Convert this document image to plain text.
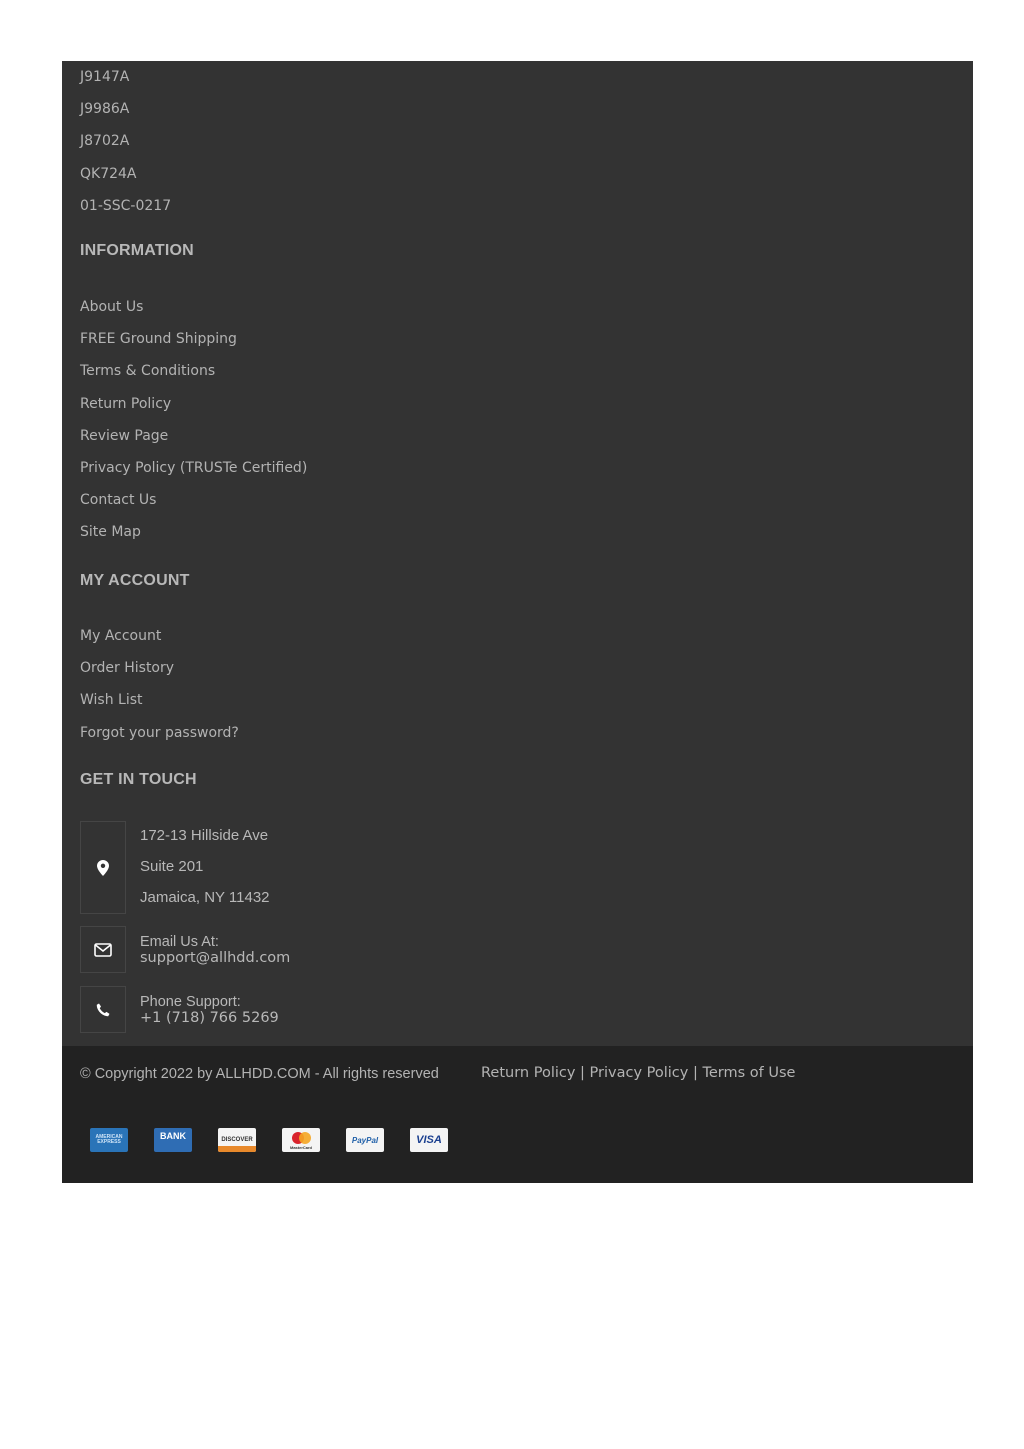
J9147A
J9986A
J8702A
QK724A
01-SSC-0217
INFORMATION
About Us
FREE Ground Shipping
Terms & Conditions
Return Policy
Review Page
Privacy Policy (TRUSTe Certified)
Contact Us
Site Map
MY ACCOUNT
My Account
Order History
Wish List
Forgot your password?
GET IN TOUCH
172-13 Hillside Ave
Suite 201
Jamaica, NY 11432
Email Us At:
support@allhdd.com
Phone Support:
+1 (718) 766 5269
© Copyright 2022 by ALLHDD.COM - All rights reserved	Return Policy | Privacy Policy | Terms of Use
AMERICAN EXPRESS
BANK	DISCOVER
MasterCard
PayPal	VISA
